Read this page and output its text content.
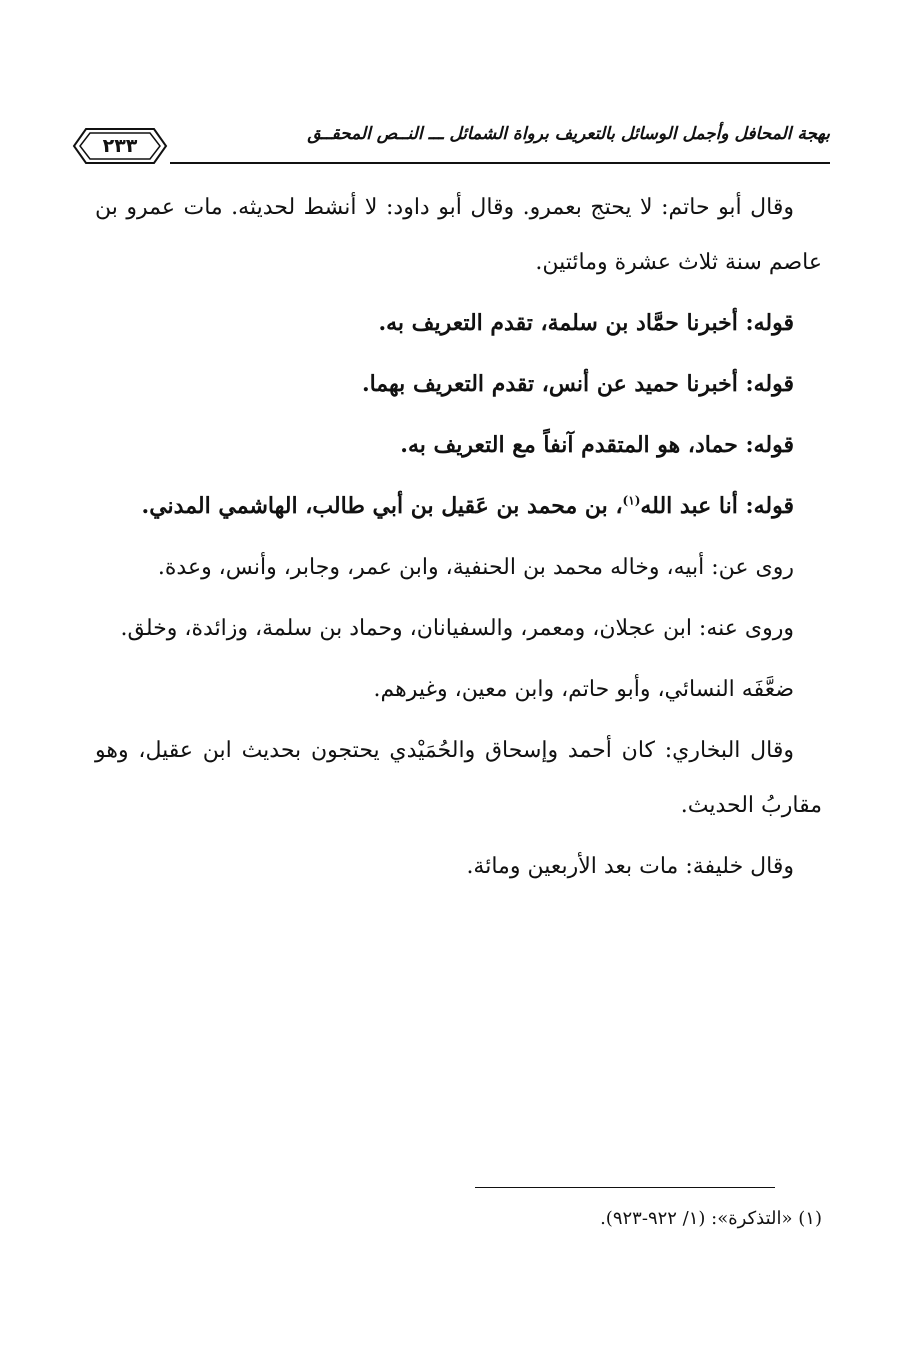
بهجة المحافل وأجمل الوسائل بالتعريف برواة الشمائل ـــ النــص المحقــق
٢٣٣

وقال أبو حاتم: لا يحتج بعمرو. وقال أبو داود: لا أنشط لحديثه. مات عمرو بن عاصم سنة ثلاث عشرة ومائتين.

قوله: أخبرنا حمَّاد بن سلمة، تقدم التعريف به.

قوله: أخبرنا حميد عن أنس، تقدم التعريف بهما.

قوله: حماد، هو المتقدم آنفاً مع التعريف به.

قوله: أنا عبد الله$^{(١)}$، بن محمد بن عَقيل بن أبي طالب، الهاشمي المدني.

روى عن: أبيه، وخاله محمد بن الحنفية، وابن عمر، وجابر، وأنس، وعدة.

وروى عنه: ابن عجلان، ومعمر، والسفيانان، وحماد بن سلمة، وزائدة، وخلق.

ضعَّفَه النسائي، وأبو حاتم، وابن معين، وغيرهم.

وقال البخاري: كان أحمد وإسحاق والحُمَيْدي يحتجون بحديث ابن عقيل، وهو مقاربُ الحديث.

وقال خليفة: مات بعد الأربعين ومائة.

(١) «التذكرة»: (١/ ٩٢٢-٩٢٣).
